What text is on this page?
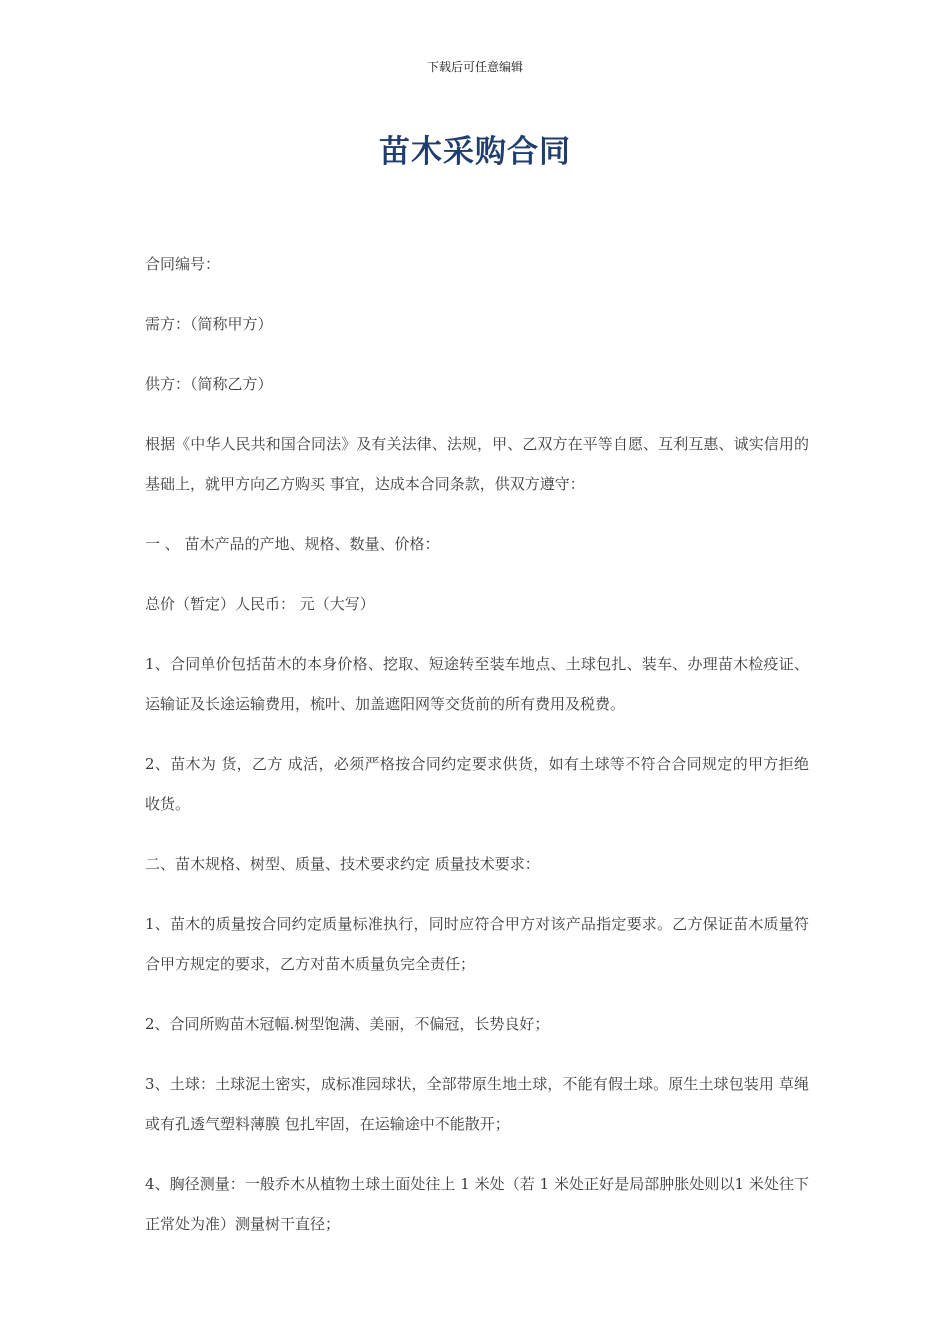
下载后可任意编辑
苗木采购合同

合同编号：

需方：（简称甲方）

供方：（简称乙方）

根据《中华人民共和国合同法》及有关法律、法规，甲、乙双方在平等自愿、互利互惠、诚实信用的基础上，就甲方向乙方购买 事宜，达成本合同条款，供双方遵守：

一 、 苗木产品的产地、规格、数量、价格：

总价（暂定）人民币： 元（大写）

1、合同单价包括苗木的本身价格、挖取、短途转至装车地点、土球包扎、装车、办理苗木检疫证、运输证及长途运输费用，梳叶、加盖遮阳网等交货前的所有费用及税费。

2、苗木为 货，乙方 成活，必须严格按合同约定要求供货，如有土球等不符合合同规定的甲方拒绝收货。

二、苗木规格、树型、质量、技术要求约定 质量技术要求：

1、苗木的质量按合同约定质量标准执行，同时应符合甲方对该产品指定要求。乙方保证苗木质量符合甲方规定的要求，乙方对苗木质量负完全责任；

2、合同所购苗木冠幅.树型饱满、美丽，不偏冠，长势良好；

3、土球：土球泥土密实，成标准园球状，全部带原生地土球，不能有假土球。原生土球包装用 草绳或有孔透气塑料薄膜 包扎牢固，在运输途中不能散开；

4、胸径测量：一般乔木从植物土球土面处往上 1 米处（若 1 米处正好是局部肿胀处则以1 米处往下正常处为准）测量树干直径；
